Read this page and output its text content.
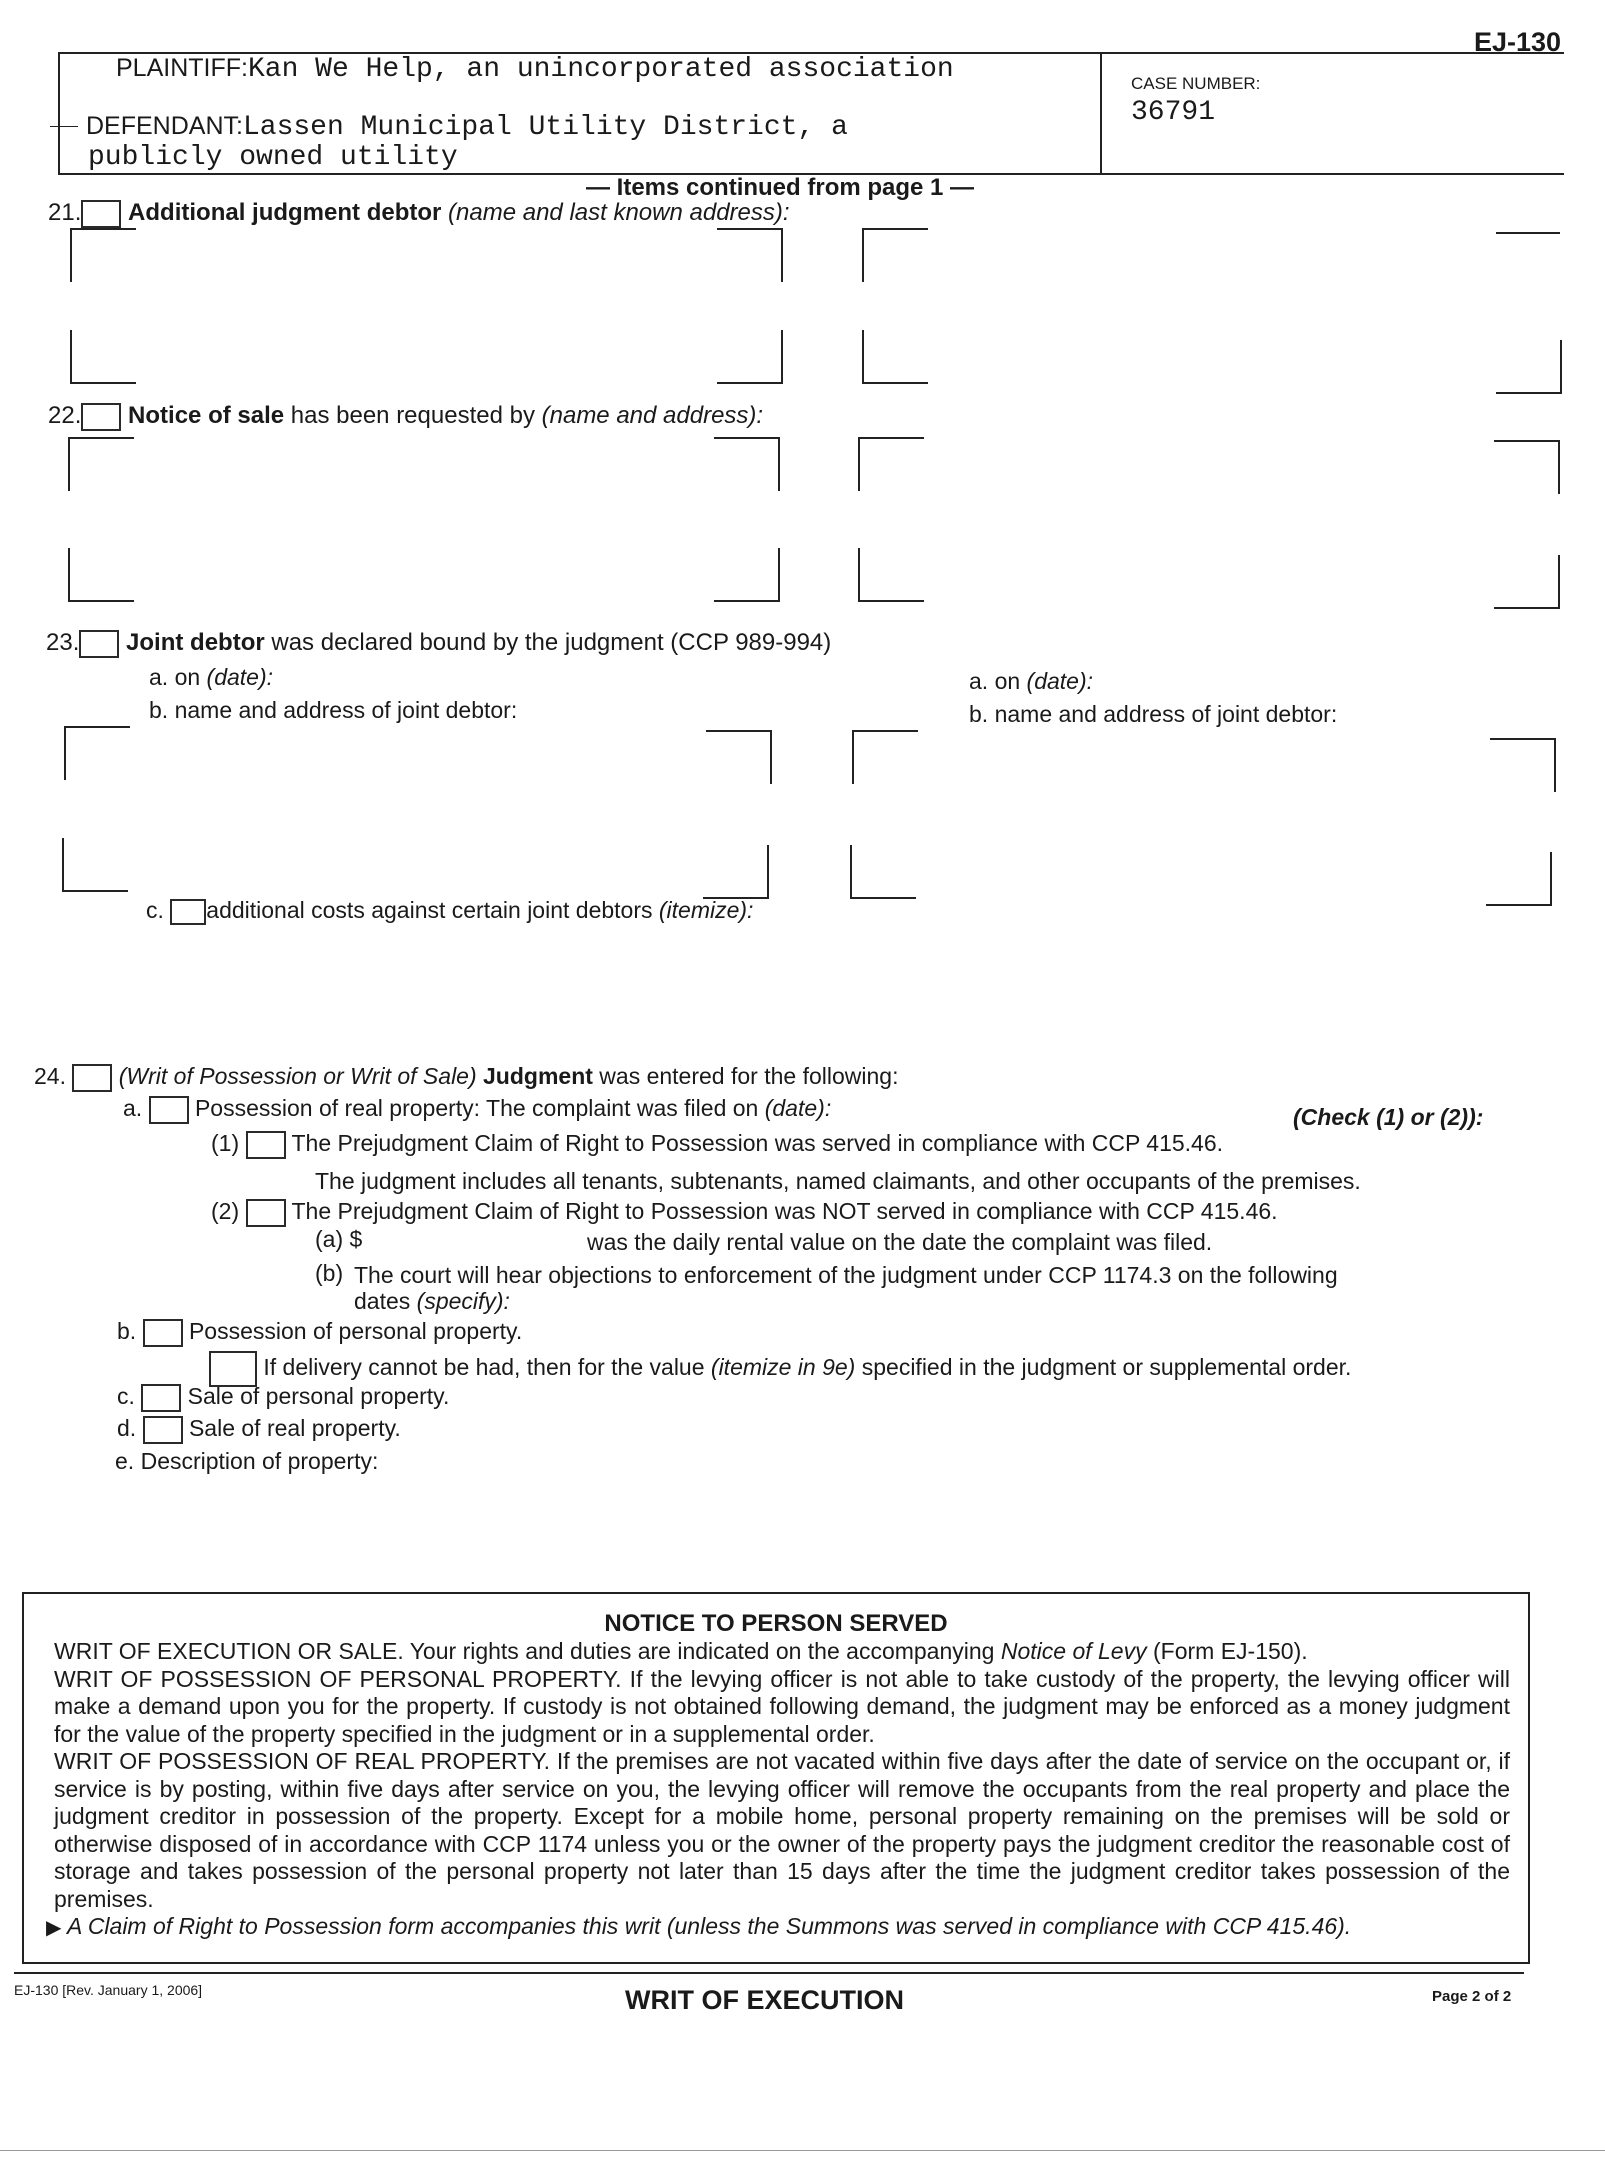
EJ-130
PLAINTIFF:Kan We Help, an unincorporated association
DEFENDANT:Lassen Municipal Utility District, a
publicly owned utility
CASE NUMBER:
36791
— Items continued from page 1 —
21. Additional judgment debtor (name and last known address):
22. Notice of sale has been requested by (name and address):
23. Joint debtor was declared bound by the judgment (CCP 989-994)
a. on (date):
b. name and address of joint debtor:
a. on (date):
b. name and address of joint debtor:
c. additional costs against certain joint debtors (itemize):
24. (Writ of Possession or Writ of Sale) Judgment was entered for the following:
a. Possession of real property: The complaint was filed on (date):	(Check (1) or (2)):
(1) The Prejudgment Claim of Right to Possession was served in compliance with CCP 415.46.
The judgment includes all tenants, subtenants, named claimants, and other occupants of the premises.
(2) The Prejudgment Claim of Right to Possession was NOT served in compliance with CCP 415.46.
(a) $	was the daily rental value on the date the complaint was filed.
(b) The court will hear objections to enforcement of the judgment under CCP 1174.3 on the following
dates (specify):
b. Possession of personal property.
If delivery cannot be had, then for the value (itemize in 9e) specified in the judgment or supplemental order.
c. Sale of personal property.
d. Sale of real property.
e. Description of property:
NOTICE TO PERSON SERVED
WRIT OF EXECUTION OR SALE. Your rights and duties are indicated on the accompanying Notice of Levy (Form EJ-150).
WRIT OF POSSESSION OF PERSONAL PROPERTY. If the levying officer is not able to take custody of the property, the levying officer will make a demand upon you for the property. If custody is not obtained following demand, the judgment may be enforced as a money judgment for the value of the property specified in the judgment or in a supplemental order.
WRIT OF POSSESSION OF REAL PROPERTY. If the premises are not vacated within five days after the date of service on the occupant or, if service is by posting, within five days after service on you, the levying officer will remove the occupants from the real property and place the judgment creditor in possession of the property. Except for a mobile home, personal property remaining on the premises will be sold or otherwise disposed of in accordance with CCP 1174 unless you or the owner of the property pays the judgment creditor the reasonable cost of storage and takes possession of the personal property not later than 15 days after the time the judgment creditor takes possession of the premises.
▶ A Claim of Right to Possession form accompanies this writ (unless the Summons was served in compliance with CCP 415.46).
EJ-130 [Rev. January 1, 2006]	WRIT OF EXECUTION	Page 2 of 2
